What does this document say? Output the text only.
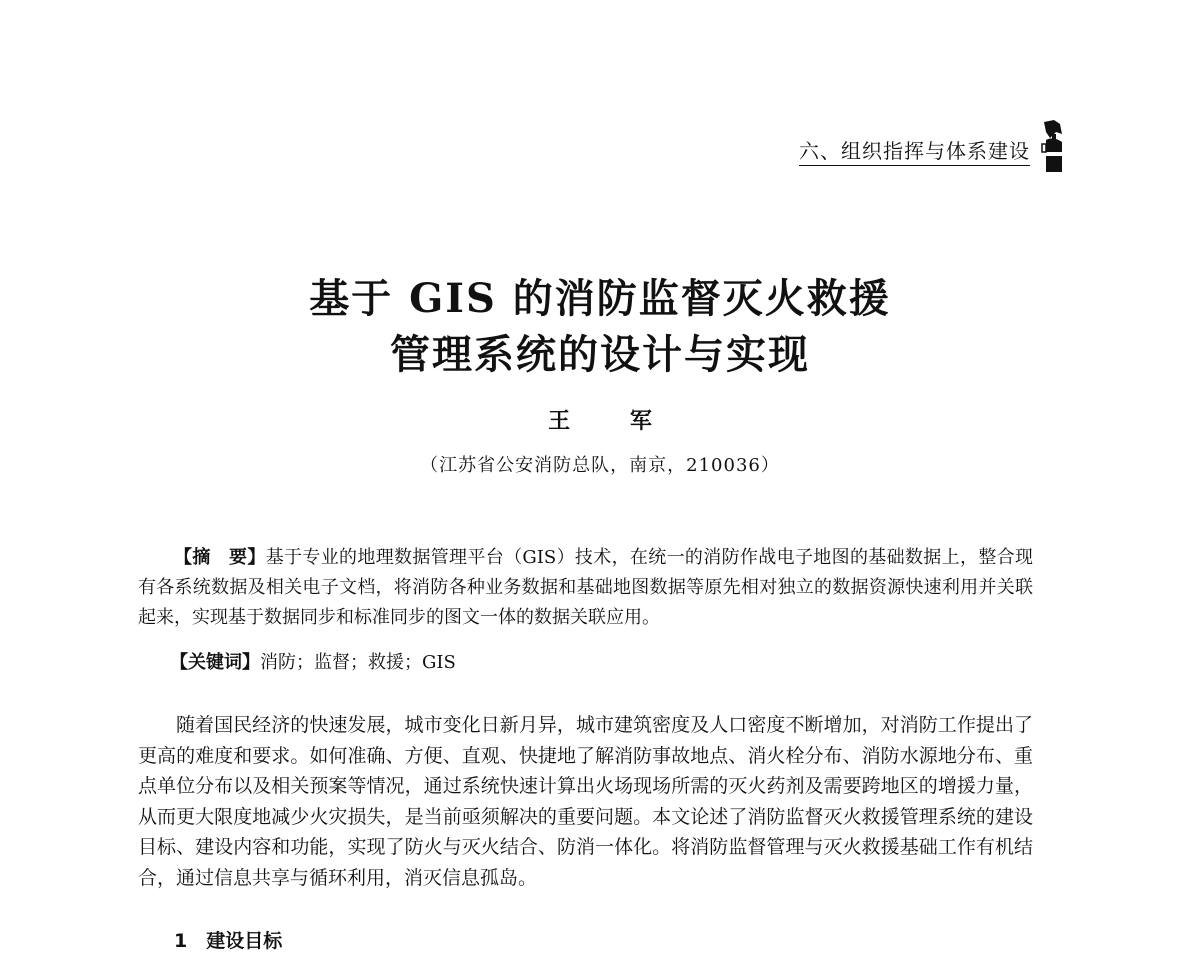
六、组织指挥与体系建设
基于 GIS 的消防监督灭火救援
管理系统的设计与实现
王 军
（江苏省公安消防总队，南京，210036）

【摘　要】基于专业的地理数据管理平台（GIS）技术，在统一的消防作战电子地图的基础数据上，整合现有各系统数据及相关电子文档，将消防各种业务数据和基础地图数据等原先相对独立的数据资源快速利用并关联起来，实现基于数据同步和标准同步的图文一体的数据关联应用。

【关键词】消防；监督；救援；GIS

随着国民经济的快速发展，城市变化日新月异，城市建筑密度及人口密度不断增加，对消防工作提出了更高的难度和要求。如何准确、方便、直观、快捷地了解消防事故地点、消火栓分布、消防水源地分布、重点单位分布以及相关预案等情况，通过系统快速计算出火场现场所需的灭火药剂及需要跨地区的增援力量，从而更大限度地减少火灾损失，是当前亟须解决的重要问题。本文论述了消防监督灭火救援管理系统的建设目标、建设内容和功能，实现了防火与灭火结合、防消一体化。将消防监督管理与灭火救援基础工作有机结合，通过信息共享与循环利用，消灭信息孤岛。

1　建设目标
